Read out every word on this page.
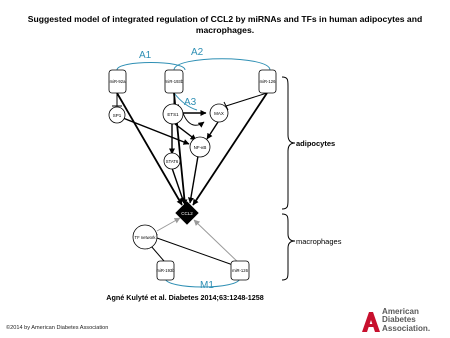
Suggested model of integrated regulation of CCL2 by miRNAs and TFs in human adipocytes and macrophages.
A1	A2
A3
M1
miR-92a	miR-193b	miR-126
SP1	ETS1	MAX
NF-κB
STAT6
CCL2
TF network
miR-193b	miR-126
adipocytes
macrophages
Agné Kulyté et al. Diabetes 2014;63:1248-1258
©2014 by American Diabetes Association
American
Diabetes
Association.
